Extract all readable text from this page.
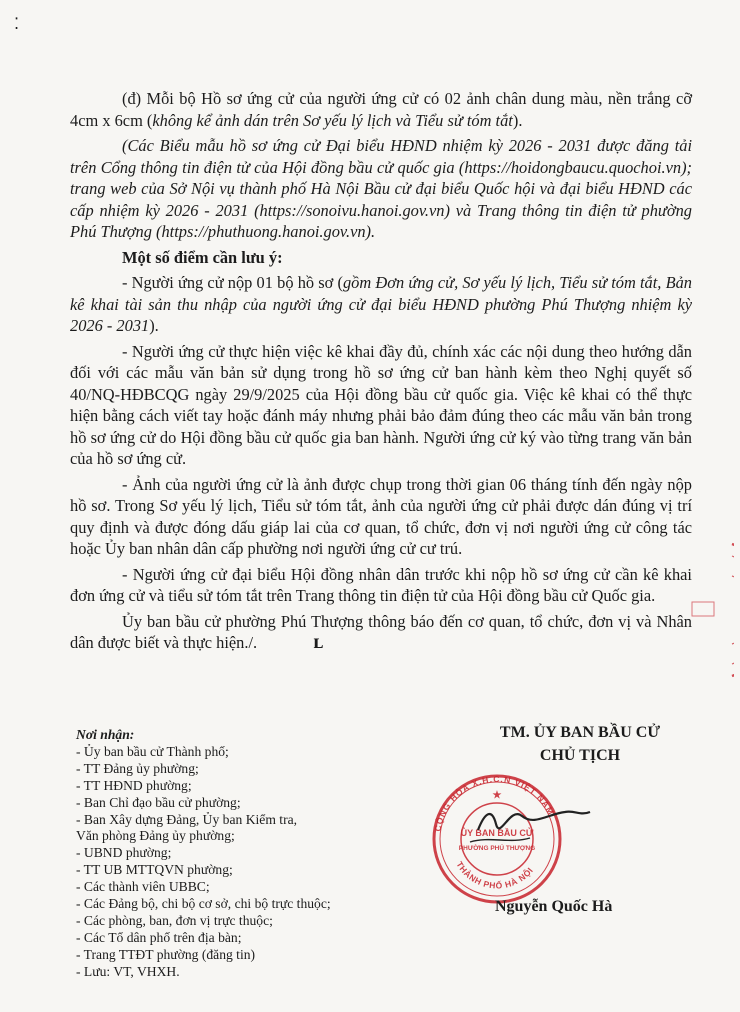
⁚

(đ) Mỗi bộ Hồ sơ ứng cử của người ứng cử có 02 ảnh chân dung màu, nền trắng cỡ 4cm x 6cm (không kể ảnh dán trên Sơ yếu lý lịch và Tiểu sử tóm tắt).

(Các Biểu mẫu hồ sơ ứng cử Đại biểu HĐND nhiệm kỳ 2026 - 2031 được đăng tải trên Cổng thông tin điện tử của Hội đồng bầu cử quốc gia (https://hoidongbaucu.quochoi.vn); trang web của Sở Nội vụ thành phố Hà Nội Bầu cử đại biểu Quốc hội và đại biểu HĐND các cấp nhiệm kỳ 2026 - 2031 (https://sonoivu.hanoi.gov.vn) và Trang thông tin điện tử phường Phú Thượng (https://phuthuong.hanoi.gov.vn).

Một số điểm cần lưu ý:

- Người ứng cử nộp 01 bộ hồ sơ (gồm Đơn ứng cử, Sơ yếu lý lịch, Tiểu sử tóm tắt, Bản kê khai tài sản thu nhập của người ứng cử đại biểu HĐND phường Phú Thượng nhiệm kỳ 2026 - 2031).

- Người ứng cử thực hiện việc kê khai đầy đủ, chính xác các nội dung theo hướng dẫn đối với các mẫu văn bản sử dụng trong hồ sơ ứng cử ban hành kèm theo Nghị quyết số 40/NQ-HĐBCQG ngày 29/9/2025 của Hội đồng bầu cử quốc gia. Việc kê khai có thể thực hiện bằng cách viết tay hoặc đánh máy nhưng phải bảo đảm đúng theo các mẫu văn bản trong hồ sơ ứng cử do Hội đồng bầu cử quốc gia ban hành. Người ứng cử ký vào từng trang văn bản của hồ sơ ứng cử.

- Ảnh của người ứng cử là ảnh được chụp trong thời gian 06 tháng tính đến ngày nộp hồ sơ. Trong Sơ yếu lý lịch, Tiểu sử tóm tắt, ảnh của người ứng cử phải được dán đúng vị trí quy định và được đóng dấu giáp lai của cơ quan, tổ chức, đơn vị nơi người ứng cử công tác hoặc Ủy ban nhân dân cấp phường nơi người ứng cử cư trú.

- Người ứng cử đại biểu Hội đồng nhân dân trước khi nộp hồ sơ ứng cử cần kê khai đơn ứng cử và tiểu sử tóm tắt trên Trang thông tin điện tử của Hội đồng bầu cử Quốc gia.

Ủy ban bầu cử phường Phú Thượng thông báo đến cơ quan, tổ chức, đơn vị và Nhân dân được biết và thực hiện./.	ʟ

Nơi nhận:
- Ủy ban bầu cử Thành phố;
- TT Đảng ủy phường;
- TT HĐND phường;
- Ban Chỉ đạo bầu cử phường;
- Ban Xây dựng Đảng, Ủy ban Kiểm tra,
Văn phòng Đảng ủy phường;
- UBND phường;
- TT UB MTTQVN phường;
- Các thành viên UBBC;
- Các Đảng bộ, chi bộ cơ sở, chi bộ trực thuộc;
- Các phòng, ban, đơn vị trực thuộc;
- Các Tổ dân phố trên địa bàn;
- Trang TTĐT phường (đăng tin)
- Lưu: VT, VHXH.
TM. ỦY BAN BẦU CỬ
CHỦ TỊCH
CỘNG HÒA X.H.C.N VIỆT NAM
THÀNH PHỐ HÀ NỘI
ỦY BAN BẦU CỬ
PHƯỜNG PHÚ THƯỢNG
★
Nguyễn Quốc Hà
